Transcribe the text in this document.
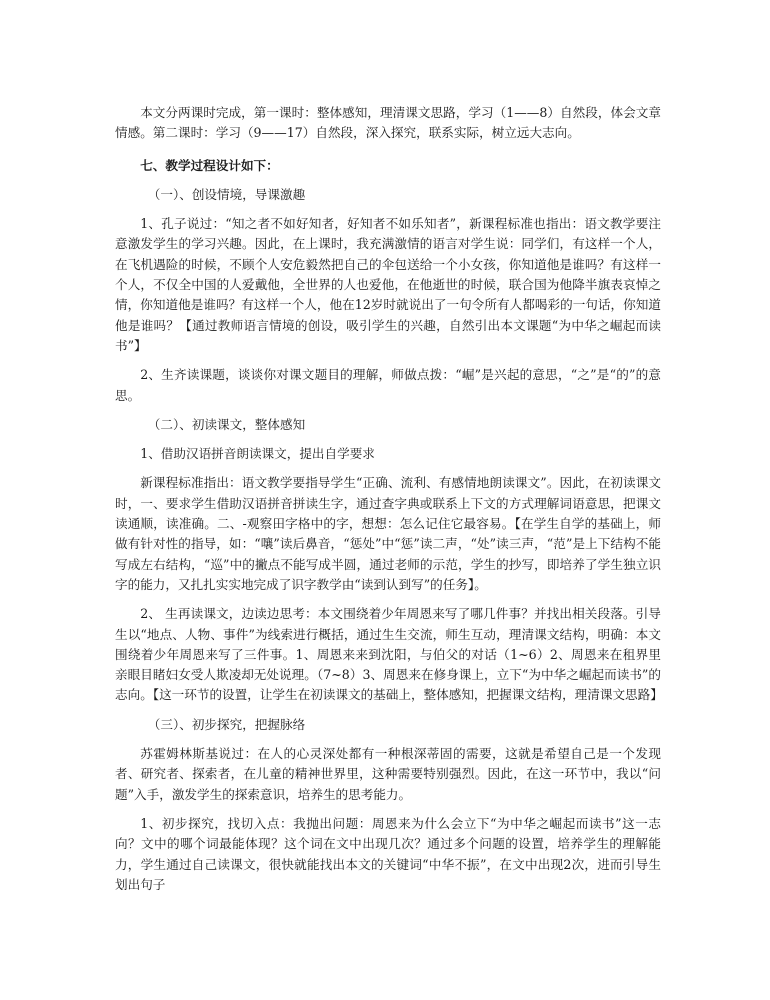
本文分两课时完成，第一课时：整体感知，理清课文思路，学习（1——8）自然段，体会文章情感。第二课时：学习（9——17）自然段，深入探究，联系实际，树立远大志向。

七、教学过程设计如下：

（一）、创设情境，导课激趣

1、孔子说过：“知之者不如好知者，好知者不如乐知者”，新课程标准也指出：语文教学要注意激发学生的学习兴趣。因此，在上课时，我充满激情的语言对学生说：同学们，有这样一个人，在飞机遇险的时候，不顾个人安危毅然把自己的伞包送给一个小女孩，你知道他是谁吗？有这样一个人，不仅全中国的人爱戴他，全世界的人也爱他，在他逝世的时候，联合国为他降半旗表哀悼之情，你知道他是谁吗？有这样一个人，他在12岁时就说出了一句令所有人都喝彩的一句话，你知道他是谁吗？【通过教师语言情境的创设，吸引学生的兴趣，自然引出本文课题“为中华之崛起而读书”】

2、生齐读课题，谈谈你对课文题目的理解，师做点拨：“崛”是兴起的意思，“之”是“的”的意思。

（二）、初读课文，整体感知

1、借助汉语拼音朗读课文，提出自学要求

新课程标准指出：语文教学要指导学生“正确、流利、有感情地朗读课文”。因此，在初读课文时，一、要求学生借助汉语拼音拼读生字，通过查字典或联系上下文的方式理解词语意思，把课文读通顺，读准确。二、-观察田字格中的字，想想：怎么记住它最容易。【在学生自学的基础上，师做有针对性的指导，如：“嚷”读后鼻音，“惩处”中“惩”读二声，“处”读三声，“范”是上下结构不能写成左右结构，“巡”中的撇点不能写成半圆，通过老师的示范，学生的抄写，即培养了学生独立识字的能力，又扎扎实实地完成了识字教学由“读到认到写”的任务】。

2、 生再读课文，边读边思考：本文围绕着少年周恩来写了哪几件事？并找出相关段落。引导生以“地点、人物、事件”为线索进行概括，通过生生交流，师生互动，理清课文结构，明确：本文围绕着少年周恩来写了三件事。1、周恩来来到沈阳，与伯父的对话（1~6）2、周恩来在租界里亲眼目睹妇女受人欺凌却无处说理。（7~8）3、周恩来在修身课上，立下“为中华之崛起而读书”的志向。【这一环节的设置，让学生在初读课文的基础上，整体感知，把握课文结构，理清课文思路】

（三）、初步探究，把握脉络

苏霍姆林斯基说过：在人的心灵深处都有一种根深蒂固的需要，这就是希望自己是一个发现者、研究者、探索者，在儿童的精神世界里，这种需要特别强烈。因此，在这一环节中，我以“问题”入手，激发学生的探索意识，培养生的思考能力。

1、初步探究，找切入点：我抛出问题：周恩来为什么会立下“为中华之崛起而读书”这一志向？文中的哪个词最能体现？这个词在文中出现几次？通过多个问题的设置，培养学生的理解能力，学生通过自己读课文，很快就能找出本文的关键词“中华不振”，在文中出现2次，进而引导生划出句子
